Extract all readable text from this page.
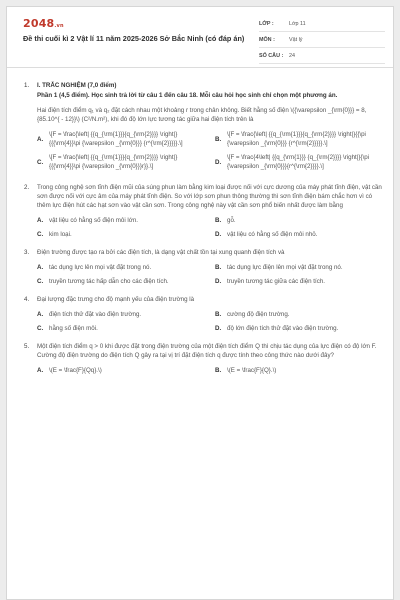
2048.vn
Đề thi cuối kì 2 Vật lí 11 năm 2025-2026 Sở Bắc Ninh (có đáp án)
LỚP :	Lớp 11
MÔN :	Vật lý
SỐ CÂU : 24
1. I. TRẮC NGHIỆM (7,0 điểm)
Phần 1 (4,5 điểm). Học sinh trả lời từ câu 1 đến câu 18. Mỗi câu hỏi học sinh chỉ chọn một phương án.
Hai điện tích điểm q₁ và q₂ đặt cách nhau một khoảng r trong chân không. Biết hằng số điện \({\varepsilon _{\rm{0}}} = 8,{85.10^{ - 12}}\) (C²/N.m²), khi đó độ lớn lực tương tác giữa hai điện tích trên là
A.
\[F = \frac{\left| {{q_{\rm{1}}}{q_{\rm{2}}}} \right|}{{{\rm{4}}\pi {\varepsilon _{\rm{0}}} {r^{\rm{2}}}}}.\]
B.
\[F = \frac{\left| {{q_{\rm{1}}}{q_{\rm{2}}}} \right|}{{\pi {\varepsilon _{\rm{0}}} {r^{\rm{2}}}}}.\]
C.
\[F = \frac{\left| {{q_{\rm{1}}}{q_{\rm{2}}}} \right|}{{{\rm{4}}\pi {\varepsilon _{\rm{0}}}r}}.\]
D.
\[F = \frac{4\left| {{q_{\rm{1}}} {q_{\rm{2}}}} \right|}{\pi {\varepsilon _{\rm{0}}}{r^{\rm{2}}}}.\]
2. Trong công nghệ sơn tĩnh điện mũi của súng phun làm bằng kim loại được nối với cực dương của máy phát tĩnh điện, vật cần sơn được nối với cực âm của máy phát tĩnh điện. So với lớp sơn phun thông thường thì sơn tĩnh điện bám chắc hơn vì có thêm lực điện hút các hạt sơn vào vật cần sơn. Trong công nghệ này vật cần sơn phổ biến nhất được làm bằng
A. vật liệu có hằng số điện môi lớn.	B. gỗ.
C. kim loại.	D. vật liệu có hằng số điện môi nhỏ.
3. Điện trường được tạo ra bởi các điện tích, là dạng vật chất tồn tại xung quanh điện tích và
A. tác dụng lực lên mọi vật đặt trong nó.	B. tác dụng lực điện lên mọi vật đặt trong nó.
C. truyền tương tác hấp dẫn cho các điện tích.	D. truyền tương tác giữa các điện tích.
4. Đại lượng đặc trưng cho độ mạnh yếu của điện trường là
A. điện tích thử đặt vào điện trường.	B. cường độ điện trường.
C. hằng số điện môi.	D. độ lớn điện tích thử đặt vào điện trường.
5. Một điện tích điểm q > 0 khi được đặt trong điện trường của một điện tích điểm Q thì chịu tác dụng của lực điện có độ lớn F. Cường độ điện trường do điện tích Q gây ra tại vị trí đặt điện tích q được tính theo công thức nào dưới đây?
A. \(E = \frac{F}{Qq}.\)	B. \(E = \frac{F}{Q}.\)
